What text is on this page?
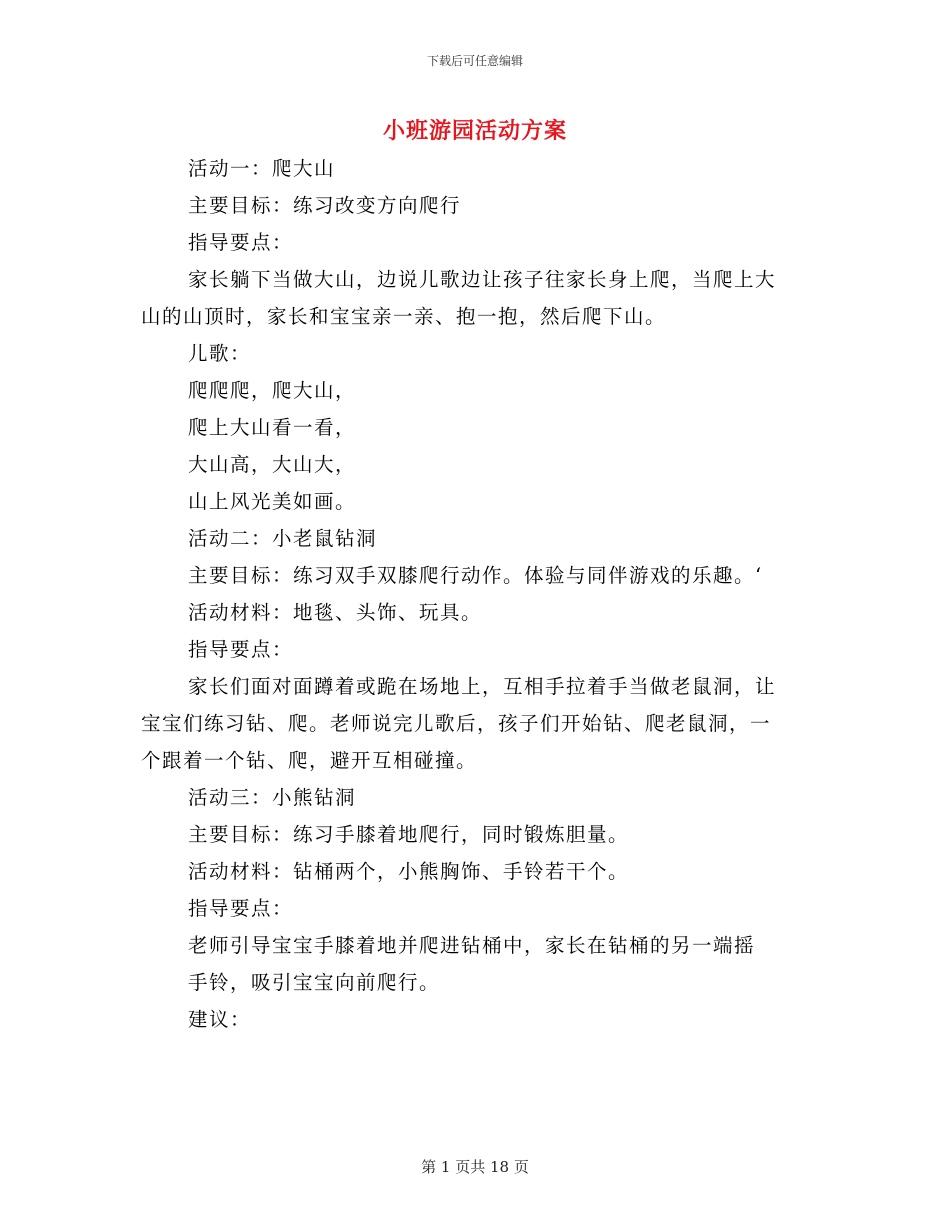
下载后可任意编辑
小班游园活动方案
活动一：爬大山
主要目标：练习改变方向爬行
指导要点：
家长躺下当做大山，边说儿歌边让孩子往家长身上爬，当爬上大
山的山顶时，家长和宝宝亲一亲、抱一抱，然后爬下山。
儿歌：
爬爬爬，爬大山，
爬上大山看一看，
大山高，大山大，
山上风光美如画。
活动二：小老鼠钻洞
主要目标：练习双手双膝爬行动作。体验与同伴游戏的乐趣。‘
活动材料：地毯、头饰、玩具。
指导要点：
家长们面对面蹲着或跪在场地上，互相手拉着手当做老鼠洞，让
宝宝们练习钻、爬。老师说完儿歌后，孩子们开始钻、爬老鼠洞，一
个跟着一个钻、爬，避开互相碰撞。
活动三：小熊钻洞
主要目标：练习手膝着地爬行，同时锻炼胆量。
活动材料：钻桶两个，小熊胸饰、手铃若干个。
指导要点：
老师引导宝宝手膝着地并爬进钻桶中，家长在钻桶的另一端摇
手铃，吸引宝宝向前爬行。
建议：
第 1 页共 18 页
